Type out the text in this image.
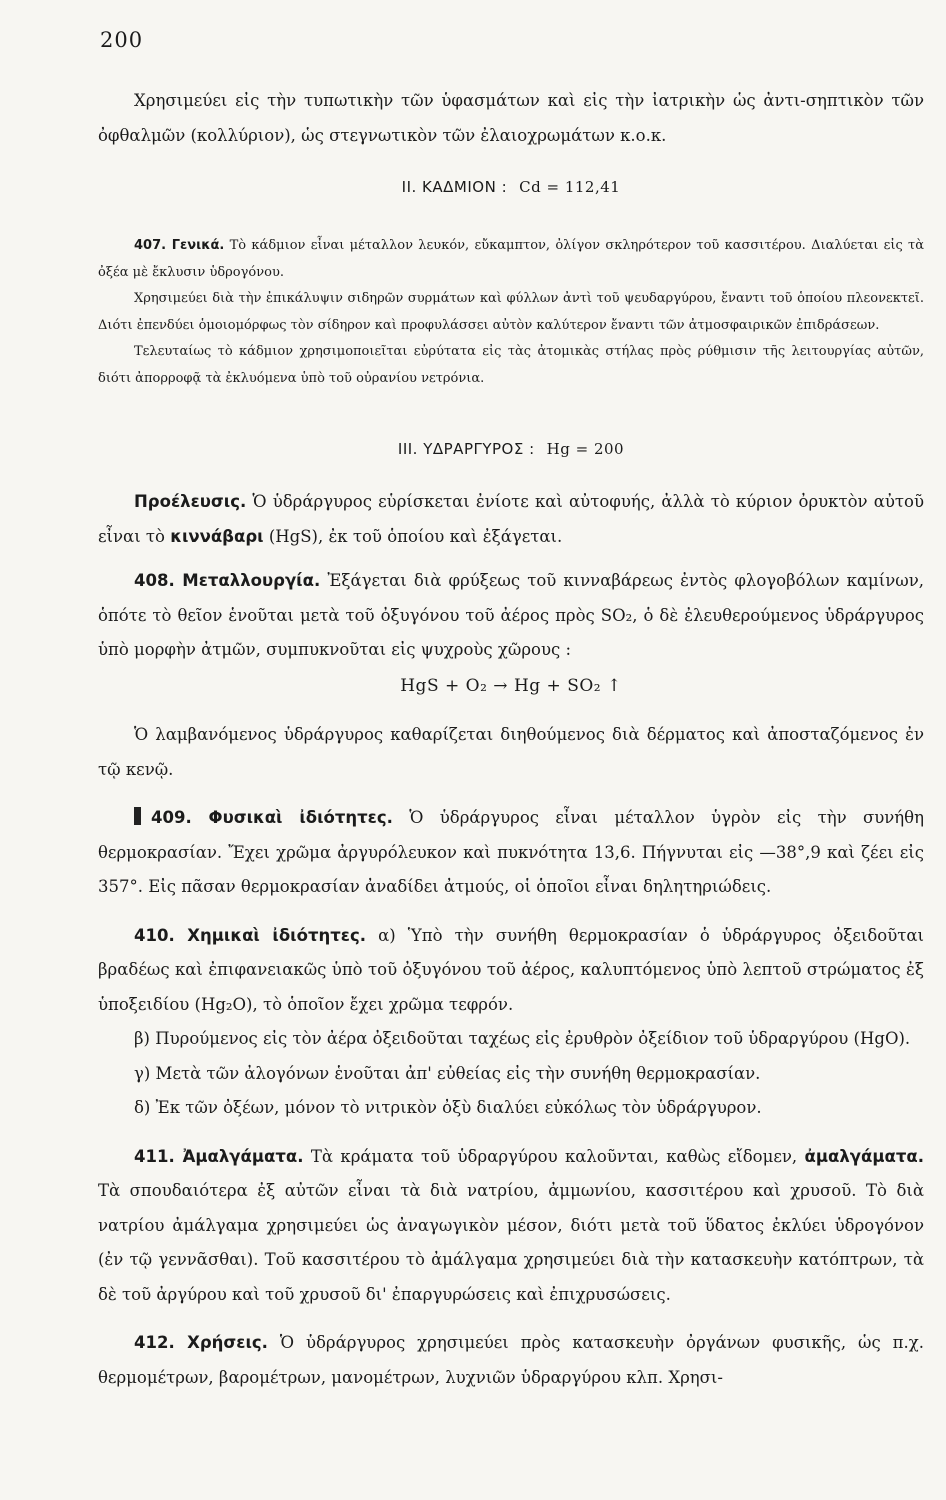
200
Χρησιμεύει εἰς τὴν τυπωτικὴν τῶν ὑφασμάτων καὶ εἰς τὴν ἰατρικὴν ὡς ἀντι-σηπτικὸν τῶν ὀφθαλμῶν (κολλύριον), ὡς στεγνωτικὸν τῶν ἐλαιοχρωμάτων κ.ο.κ.
II. ΚΑΔΜΙΟΝ : Cd = 112,41

407. Γενικά. Τὸ κάδμιον εἶναι μέταλλον λευκόν, εὔκαμπτον, ὀλίγον σκληρότερον τοῦ κασσιτέρου. Διαλύεται εἰς τὰ ὀξέα μὲ ἔκλυσιν ὑδρογόνου.

Χρησιμεύει διὰ τὴν ἐπικάλυψιν σιδηρῶν συρμάτων καὶ φύλλων ἀντὶ τοῦ ψευδαργύρου, ἔναντι τοῦ ὁποίου πλεονεκτεῖ. Διότι ἐπενδύει ὁμοιομόρφως τὸν σίδηρον καὶ προφυλάσσει αὐτὸν καλύτερον ἔναντι τῶν ἀτμοσφαιρικῶν ἐπιδράσεων.

Τελευταίως τὸ κάδμιον χρησιμοποιεῖται εὐρύτατα εἰς τὰς ἀτομικὰς στήλας πρὸς ρύθμισιν τῆς λειτουργίας αὐτῶν, διότι ἀπορροφᾷ τὰ ἐκλυόμενα ὑπὸ τοῦ οὐρανίου νετρόνια.

III. ΥΔΡΑΡΓΥΡΟΣ : Hg = 200

Προέλευσις. Ὁ ὑδράργυρος εὑρίσκεται ἐνίοτε καὶ αὐτοφυής, ἀλλὰ τὸ κύριον ὀρυκτὸν αὐτοῦ εἶναι τὸ κιννάβαρι (HgS), ἐκ τοῦ ὁποίου καὶ ἐξάγεται.

408. Μεταλλουργία. Ἐξάγεται διὰ φρύξεως τοῦ κινναβάρεως ἐντὸς φλογοβόλων καμίνων, ὁπότε τὸ θεῖον ἑνοῦται μετὰ τοῦ ὀξυγόνου τοῦ ἀέρος πρὸς SO₂, ὁ δὲ ἐλευθερούμενος ὑδράργυρος ὑπὸ μορφὴν ἀτμῶν, συμπυκνοῦται εἰς ψυχροὺς χῶρους :

HgS + O₂ → Hg + SO₂ ↑

Ὁ λαμβανόμενος ὑδράργυρος καθαρίζεται διηθούμενος διὰ δέρματος καὶ ἀποσταζόμενος ἐν τῷ κενῷ.

409. Φυσικαὶ ἰδιότητες. Ὁ ὑδράργυρος εἶναι μέταλλον ὑγρὸν εἰς τὴν συνήθη θερμοκρασίαν. Ἔχει χρῶμα ἀργυρόλευκον καὶ πυκνότητα 13,6. Πήγνυται εἰς —38°,9 καὶ ζέει εἰς 357°. Εἰς πᾶσαν θερμοκρασίαν ἀναδίδει ἀτμούς, οἱ ὁποῖοι εἶναι δηλητηριώδεις.

410. Χημικαὶ ἰδιότητες. α) Ὑπὸ τὴν συνήθη θερμοκρασίαν ὁ ὑδράργυρος ὀξειδοῦται βραδέως καὶ ἐπιφανειακῶς ὑπὸ τοῦ ὀξυγόνου τοῦ ἀέρος, καλυπτόμενος ὑπὸ λεπτοῦ στρώματος ἐξ ὑποξειδίου (Hg₂O), τὸ ὁποῖον ἔχει χρῶμα τεφρόν.

β) Πυρούμενος εἰς τὸν ἀέρα ὀξειδοῦται ταχέως εἰς ἐρυθρὸν ὀξείδιον τοῦ ὑδραργύρου (HgO).

γ) Μετὰ τῶν ἀλογόνων ἑνοῦται ἀπ' εὐθείας εἰς τὴν συνήθη θερμοκρασίαν.

δ) Ἐκ τῶν ὀξέων, μόνον τὸ νιτρικὸν ὀξὺ διαλύει εὐκόλως τὸν ὑδράργυρον.

411. Ἀμαλγάματα. Τὰ κράματα τοῦ ὑδραργύρου καλοῦνται, καθὼς εἴδομεν, ἀμαλγάματα. Τὰ σπουδαιότερα ἐξ αὐτῶν εἶναι τὰ διὰ νατρίου, ἀμμωνίου, κασσιτέρου καὶ χρυσοῦ. Τὸ διὰ νατρίου ἀμάλγαμα χρησιμεύει ὡς ἀναγωγικὸν μέσον, διότι μετὰ τοῦ ὕδατος ἐκλύει ὑδρογόνον (ἐν τῷ γεννᾶσθαι). Τοῦ κασσιτέρου τὸ ἀμάλγαμα χρησιμεύει διὰ τὴν κατασκευὴν κατόπτρων, τὰ δὲ τοῦ ἀργύρου καὶ τοῦ χρυσοῦ δι' ἐπαργυρώσεις καὶ ἐπιχρυσώσεις.

412. Χρήσεις. Ὁ ὑδράργυρος χρησιμεύει πρὸς κατασκευὴν ὀργάνων φυσικῆς, ὡς π.χ. θερμομέτρων, βαρομέτρων, μανομέτρων, λυχνιῶν ὑδραργύρου κλπ. Χρησι-
